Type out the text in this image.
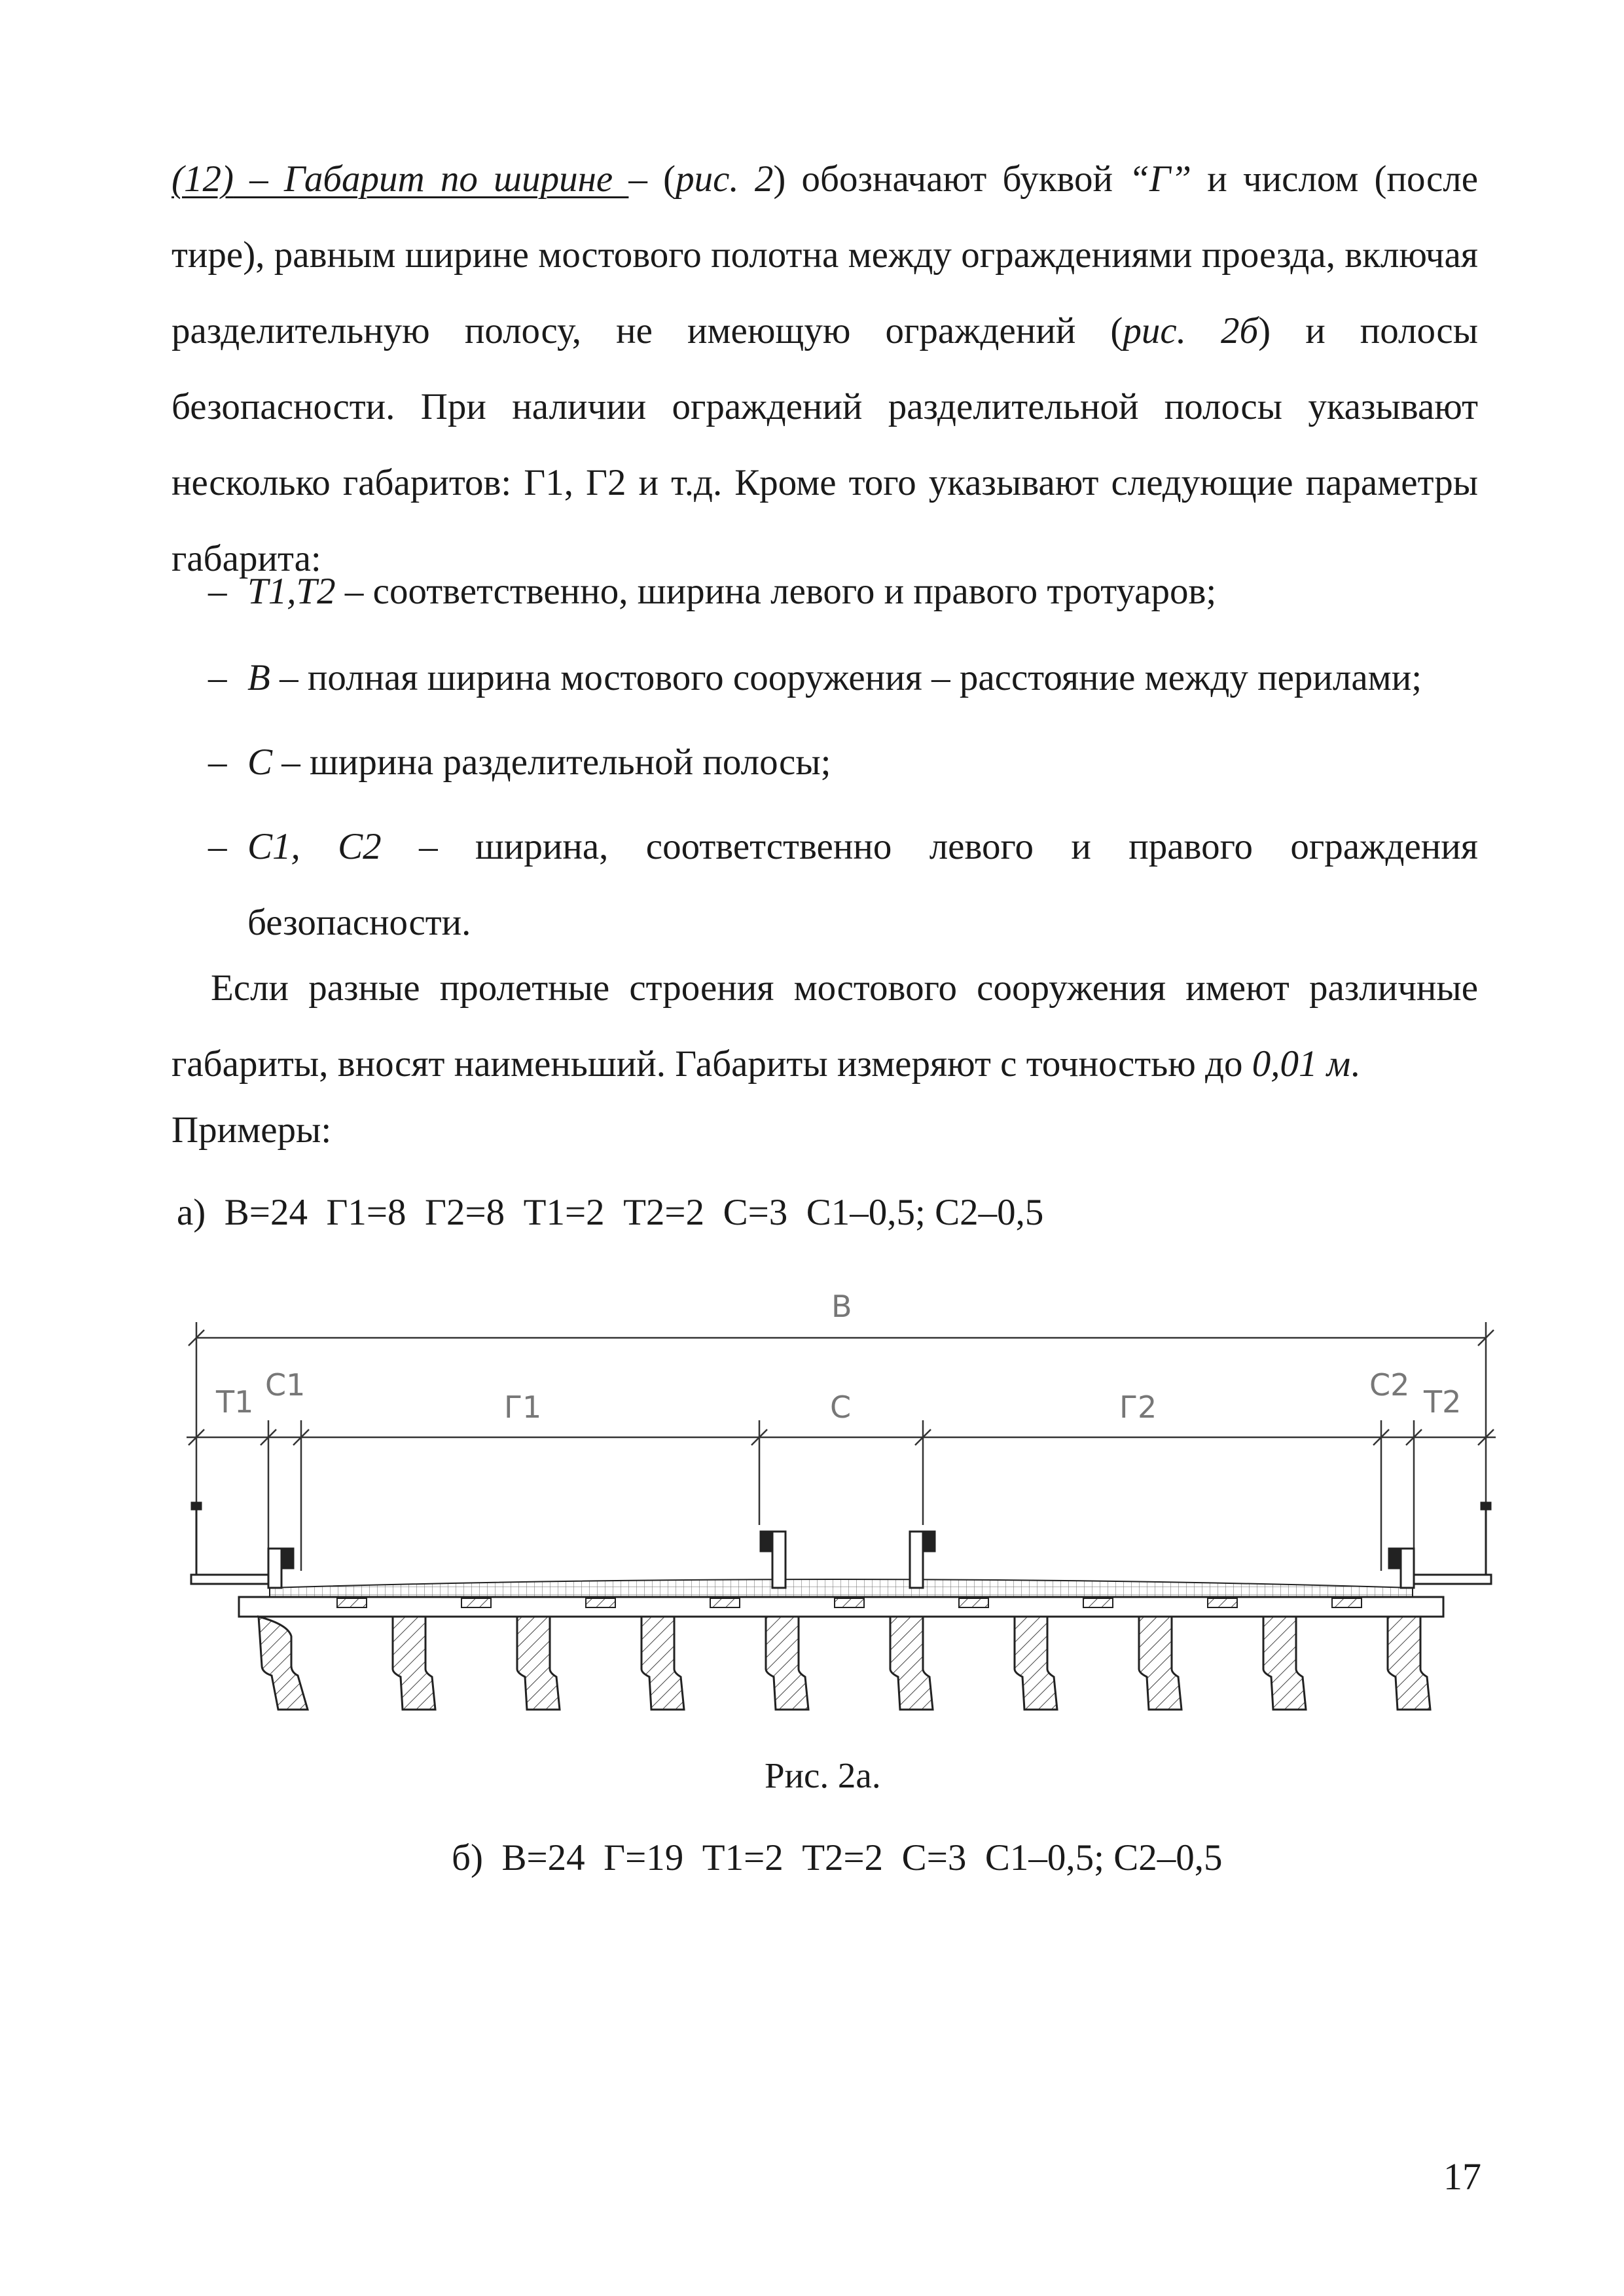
(12) – Габарит по ширине – (рис. 2) обозначают буквой “Г” и числом (после тире), равным ширине мостового полотна между ограждениями проезда, включая разделительную полосу, не имеющую ограждений (рис. 2б) и полосы безопасности. При наличии ограждений разделительной полосы указывают несколько габаритов: Г1, Г2 и т.д. Кроме того указывают следующие параметры габарита:

– Т1,Т2 – соответственно, ширина левого и правого тротуаров;
– B – полная ширина мостового сооружения – расстояние между перилами;
– C – ширина разделительной полосы;
– C1, C2 – ширина, соответственно левого и правого ограждения безопасности.

Если разные пролетные строения мостового сооружения имеют различные габариты, вносят наименьший. Габариты измеряют с точностью до 0,01 м.

Примеры:

а)  B=24  Г1=8  Г2=8  Т1=2  Т2=2  C=3  C1–0,5; C2–0,5

B
T1 C1
Г1	C	Г2
C2 T2
Рис. 2а.
б)  B=24  Г=19  Т1=2  Т2=2  C=3  C1–0,5; C2–0,5
17
